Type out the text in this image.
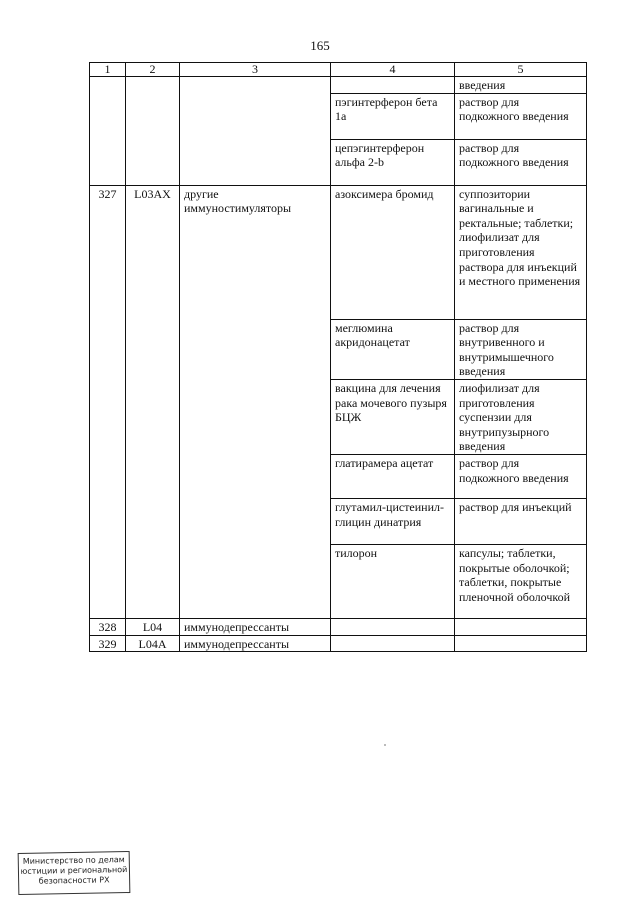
165
1	2	3	4	5
				введения
			пэгинтерферон бета 1а	раствор для подкожного введения
			цепэгинтерферон альфа 2-b	раствор для подкожного введения
327	L03AX	другие иммуностимуляторы	азоксимера бромид	суппозитории вагинальные и ректальные; таблетки; лиофилизат для приготовления раствора для инъекций и местного применения
			меглюмина акридонацетат	раствор для внутривенного и внутримышечного введения
			вакцина для лечения рака мочевого пузыря БЦЖ	лиофилизат для приготовления суспензии для внутрипузырного введения
			глатирамера ацетат	раствор для подкожного введения
			глутамил-цистеинил-глицин динатрия	раствор для инъекций
			тилорон	капсулы; таблетки, покрытые оболочкой; таблетки, покрытые пленочной оболочкой
328	L04	иммунодепрессанты		
329	L04A	иммунодепрессанты		
Министерство по делам
юстиции и региональной
безопасности РХ
